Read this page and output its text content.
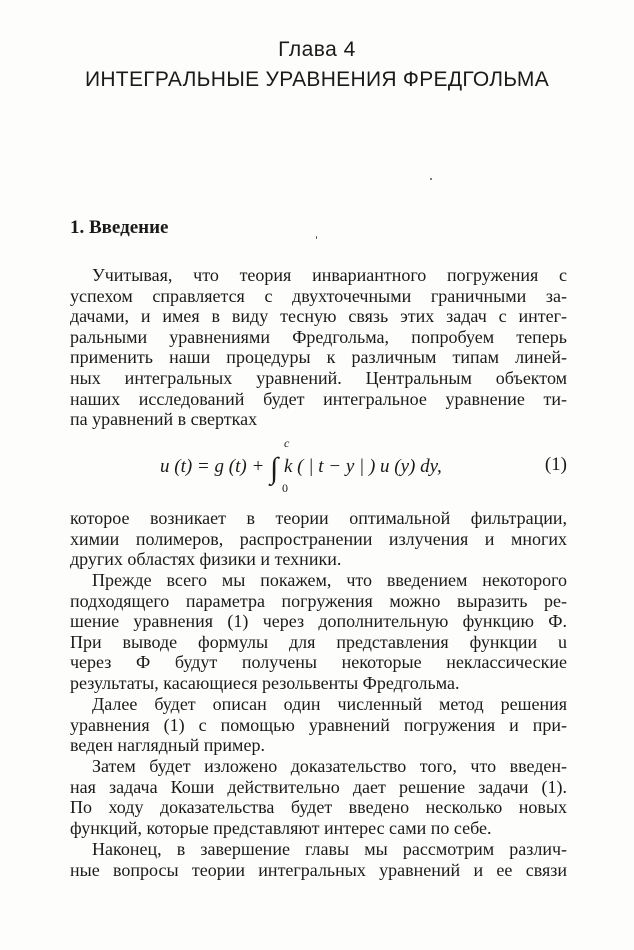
Глава 4
ИНТЕГРАЛЬНЫЕ УРАВНЕНИЯ ФРЕДГОЛЬМА
1. Введение
Учитывая, что теория инвариантного погружения с
успехом справляется с двухточечными граничными за-
дачами, и имея в виду тесную связь этих задач с интег-
ральными уравнениями Фредгольма, попробуем теперь
применить наши процедуры к различным типам линей-
ных интегральных уравнений. Центральным объектом
наших исследований будет интегральное уравнение ти-
па уравнений в свертках
c
0
u (t) = g (t) + ∫ k ( | t − y | ) u (y) dy,	(1)
которое возникает в теории оптимальной фильтрации,
химии полимеров, распространении излучения и многих
других областях физики и техники.
Прежде всего мы покажем, что введением некоторого
подходящего параметра погружения можно выразить ре-
шение уравнения (1) через дополнительную функцию Ф.
При выводе формулы для представления функции u
через Ф будут получены некоторые неклассические
результаты, касающиеся резольвенты Фредгольма.
Далее будет описан один численный метод решения
уравнения (1) с помощью уравнений погружения и при-
веден наглядный пример.
Затем будет изложено доказательство того, что введен-
ная задача Коши действительно дает решение задачи (1).
По ходу доказательства будет введено несколько новых
функций, которые представляют интерес сами по себе.
Наконец, в завершение главы мы рассмотрим различ-
ные вопросы теории интегральных уравнений и ее связи
